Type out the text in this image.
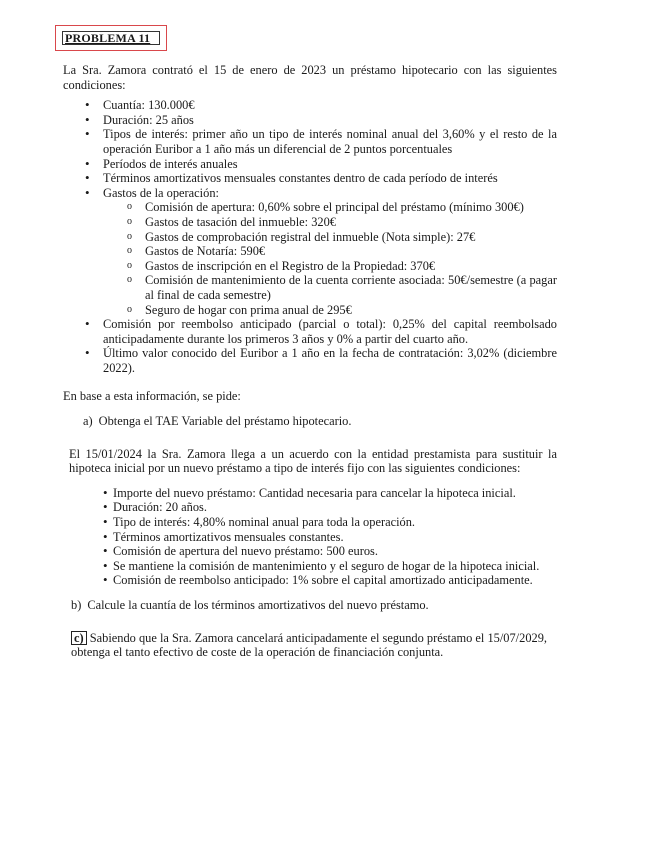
PROBLEMA 11

La Sra. Zamora contrató el 15 de enero de 2023 un préstamo hipotecario con las siguientes condiciones:

• Cuantía: 130.000€
• Duración: 25 años
• Tipos de interés: primer año un tipo de interés nominal anual del 3,60% y el resto de la operación Euribor a 1 año más un diferencial de 2 puntos porcentuales
• Períodos de interés anuales
• Términos amortizativos mensuales constantes dentro de cada período de interés
• Gastos de la operación:
o Comisión de apertura: 0,60% sobre el principal del préstamo (mínimo 300€)
o Gastos de tasación del inmueble: 320€
o Gastos de comprobación registral del inmueble (Nota simple): 27€
o Gastos de Notaría: 590€
o Gastos de inscripción en el Registro de la Propiedad: 370€
o Comisión de mantenimiento de la cuenta corriente asociada: 50€/semestre (a pagar al final de cada semestre)
o Seguro de hogar con prima anual de 295€
• Comisión por reembolso anticipado (parcial o total): 0,25% del capital reembolsado anticipadamente durante los primeros 3 años y 0% a partir del cuarto año.
• Último valor conocido del Euribor a 1 año en la fecha de contratación: 3,02% (diciembre 2022).

En base a esta información, se pide:

a) Obtenga el TAE Variable del préstamo hipotecario.

El 15/01/2024 la Sra. Zamora llega a un acuerdo con la entidad prestamista para sustituir la hipoteca inicial por un nuevo préstamo a tipo de interés fijo con las siguientes condiciones:

• Importe del nuevo préstamo: Cantidad necesaria para cancelar la hipoteca inicial.
• Duración: 20 años.
• Tipo de interés: 4,80% nominal anual para toda la operación.
• Términos amortizativos mensuales constantes.
• Comisión de apertura del nuevo préstamo: 500 euros.
• Se mantiene la comisión de mantenimiento y el seguro de hogar de la hipoteca inicial.
• Comisión de reembolso anticipado: 1% sobre el capital amortizado anticipadamente.
b) Calcule la cuantía de los términos amortizativos del nuevo préstamo.
c) Sabiendo que la Sra. Zamora cancelará anticipadamente el segundo préstamo el 15/07/2029, obtenga el tanto efectivo de coste de la operación de financiación conjunta.
